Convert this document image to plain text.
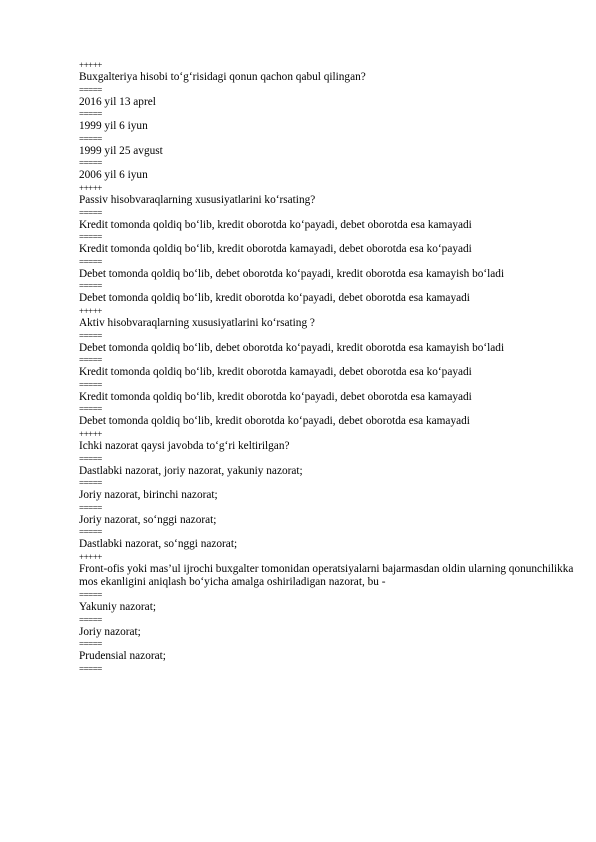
+++++
Buxgalteriya hisobi to‘g‘risidagi qonun qachon qabul qilingan?
=====
2016 yil 13 aprel
=====
1999 yil 6 iyun
=====
1999 yil 25 avgust
=====
2006 yil 6 iyun
+++++
Passiv hisobvaraqlarning xususiyatlarini ko‘rsating?
=====
Kredit tomonda qoldiq bo‘lib, kredit oborotda ko‘payadi, debet oborotda esa kamayadi
=====
Kredit tomonda qoldiq bo‘lib, kredit oborotda kamayadi, debet oborotda esa ko‘payadi
=====
Debet tomonda qoldiq bo‘lib, debet oborotda ko‘payadi, kredit oborotda esa kamayish bo‘ladi
=====
Debet tomonda qoldiq bo‘lib, kredit oborotda ko‘payadi, debet oborotda esa kamayadi
+++++
Aktiv hisobvaraqlarning xususiyatlarini ko‘rsating ?
=====
Debet tomonda qoldiq bo‘lib, debet oborotda ko‘payadi, kredit oborotda esa kamayish bo‘ladi
=====
Kredit tomonda qoldiq bo‘lib, kredit oborotda kamayadi, debet oborotda esa ko‘payadi
=====
Kredit tomonda qoldiq bo‘lib, kredit oborotda ko‘payadi, debet oborotda esa kamayadi
=====
Debet tomonda qoldiq bo‘lib, kredit oborotda ko‘payadi, debet oborotda esa kamayadi
+++++
Ichki nazorat qaysi javobda to‘g‘ri keltirilgan?
=====
Dastlabki nazorat, joriy nazorat, yakuniy nazorat;
=====
Joriy nazorat, birinchi nazorat;
=====
Joriy nazorat, so‘nggi nazorat;
=====
Dastlabki nazorat, so‘nggi nazorat;
+++++
Front-ofis yoki mas’ul ijrochi buxgalter tomonidan operatsiyalarni bajarmasdan oldin ularning qonunchilikka mos ekanligini aniqlash bo‘yicha amalga oshiriladigan nazorat, bu -
=====
Yakuniy nazorat;
=====
Joriy nazorat;
=====
Prudensial nazorat;
=====
